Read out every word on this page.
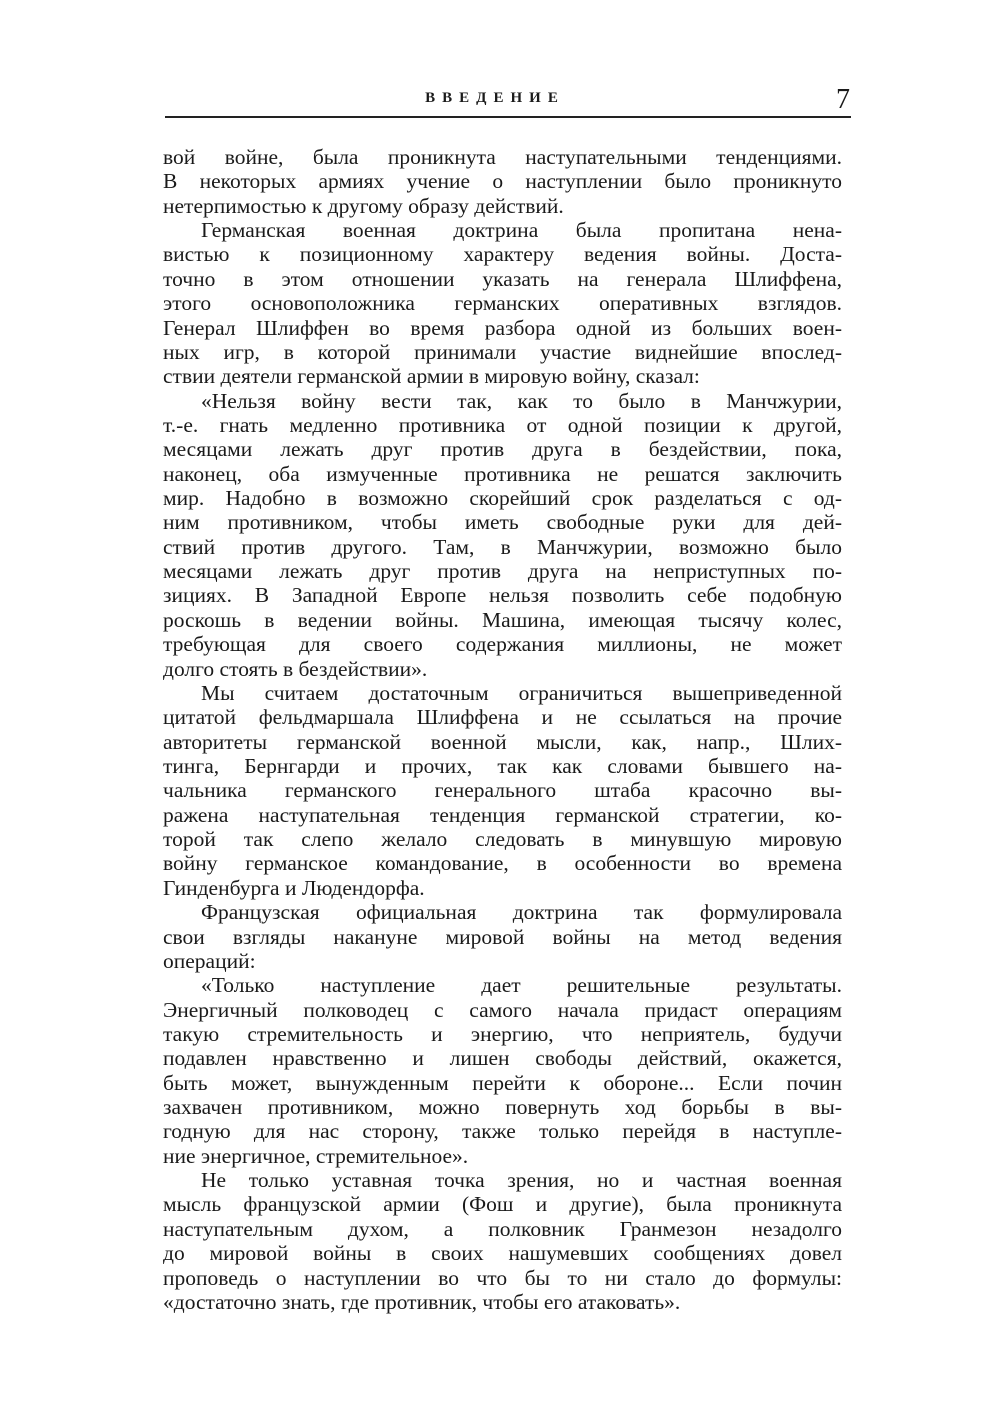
ВВЕДЕНИЕ	7
вой войне, была проникнута наступательными тенденциями.
В некоторых армиях учение о наступлении было проникнуто
нетерпимостью к другому образу действий.
Германская военная доктрина была пропитана нена-
вистью к позиционному характеру ведения войны. Доста-
точно в этом отношении указать на генерала Шлиффена,
этого основоположника германских оперативных взглядов.
Генерал Шлиффен во время разбора одной из больших воен-
ных игр, в которой принимали участие виднейшие впослед-
ствии деятели германской армии в мировую войну, сказал:
«Нельзя войну вести так, как то было в Манчжурии,
т.-е. гнать медленно противника от одной позиции к другой,
месяцами лежать друг против друга в бездействии, пока,
наконец, оба измученные противника не решатся заключить
мир. Надобно в возможно скорейший срок разделаться с од-
ним противником, чтобы иметь свободные руки для дей-
ствий против другого. Там, в Манчжурии, возможно было
месяцами лежать друг против друга на неприступных по-
зициях. В Западной Европе нельзя позволить себе подобную
роскошь в ведении войны. Машина, имеющая тысячу колес,
требующая для своего содержания миллионы, не может
долго стоять в бездействии».
Мы считаем достаточным ограничиться вышеприведенной
цитатой фельдмаршала Шлиффена и не ссылаться на прочие
авторитеты германской военной мысли, как, напр., Шлих-
тинга, Бернгарди и прочих, так как словами бывшего на-
чальника германского генерального штаба красочно вы-
ражена наступательная тенденция германской стратегии, ко-
торой так слепо желало следовать в минувшую мировую
войну германское командование, в особенности во времена
Гинденбурга и Людендорфа.
Французская официальная доктрина так формулировала
свои взгляды накануне мировой войны на метод ведения
операций:
«Только наступление дает решительные результаты.
Энергичный полководец с самого начала придаст операциям
такую стремительность и энергию, что неприятель, будучи
подавлен нравственно и лишен свободы действий, окажется,
быть может, вынужденным перейти к обороне... Если почин
захвачен противником, можно повернуть ход борьбы в вы-
годную для нас сторону, также только перейдя в наступле-
ние энергичное, стремительное».
Не только уставная точка зрения, но и частная военная
мысль французской армии (Фош и другие), была проникнута
наступательным духом, а полковник Гранмезон незадолго
до мировой войны в своих нашумевших сообщениях довел
проповедь о наступлении во что бы то ни стало до формулы:
«достаточно знать, где противник, чтобы его атаковать».
